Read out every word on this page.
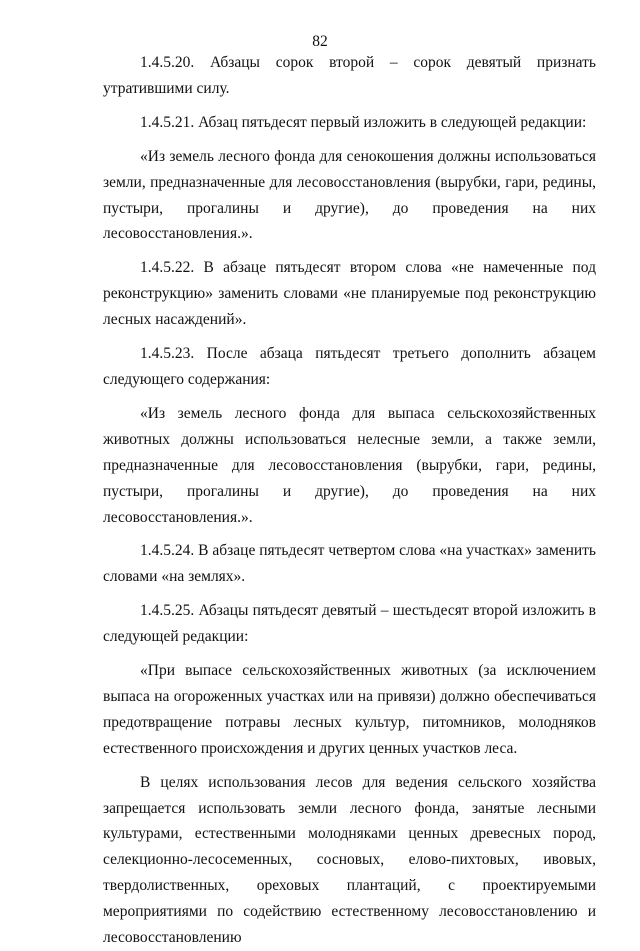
82

1.4.5.20. Абзацы сорок второй – сорок девятый признать утратившими силу.

1.4.5.21. Абзац пятьдесят первый изложить в следующей редакции:

«Из земель лесного фонда для сенокошения должны использоваться земли, предназначенные для лесовосстановления (вырубки, гари, редины, пустыри, прогалины и другие), до проведения на них лесовосстановления.».

1.4.5.22. В абзаце пятьдесят втором слова «не намеченные под реконструкцию» заменить словами «не планируемые под реконструкцию лесных насаждений».

1.4.5.23. После абзаца пятьдесят третьего дополнить абзацем следующего содержания:

«Из земель лесного фонда для выпаса сельскохозяйственных животных должны использоваться нелесные земли, а также земли, предназначенные для лесовосстановления (вырубки, гари, редины, пустыри, прогалины и другие), до проведения на них лесовосстановления.».

1.4.5.24. В абзаце пятьдесят четвертом слова «на участках» заменить словами «на землях».

1.4.5.25. Абзацы пятьдесят девятый – шестьдесят второй изложить в следующей редакции:

«При выпасе сельскохозяйственных животных (за исключением выпаса на огороженных участках или на привязи) должно обеспечиваться предотвращение потравы лесных культур, питомников, молодняков естественного происхождения и других ценных участков леса.

В целях использования лесов для ведения сельского хозяйства запрещается использовать земли лесного фонда, занятые лесными культурами, естественными молодняками ценных древесных пород, селекционно-лесосеменных, сосновых, елово-пихтовых, ивовых, твердолиственных, ореховых плантаций, с проектируемыми мероприятиями по содействию естественному лесовосстановлению и лесовосстановлению
